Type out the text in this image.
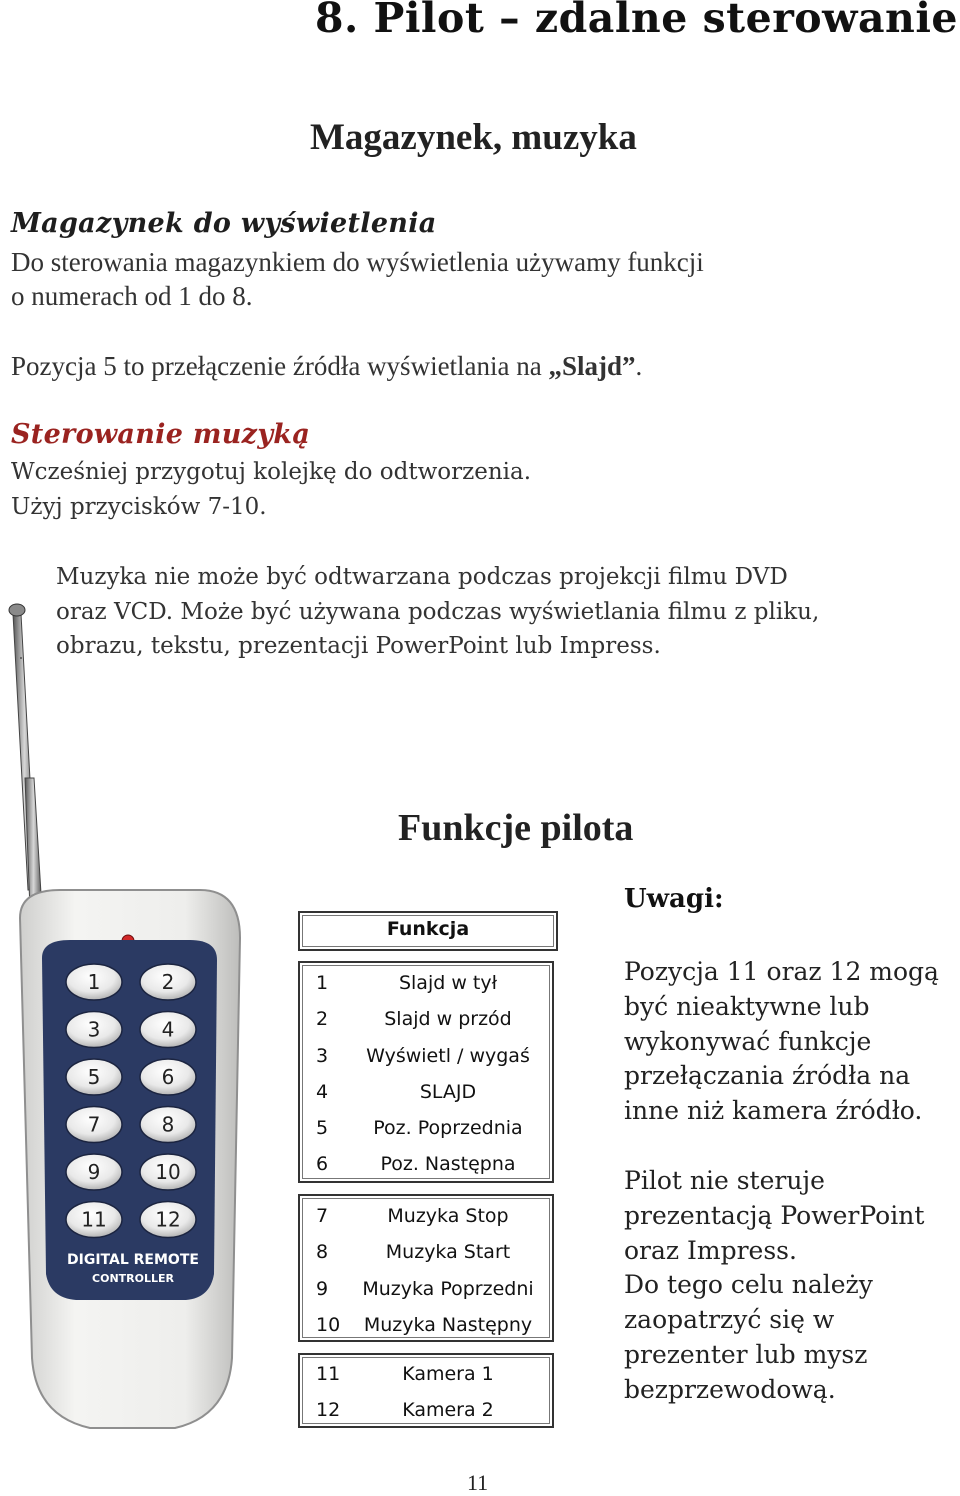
8. Pilot – zdalne sterowanie
Magazynek, muzyka
Magazynek do wyświetlenia
Do sterowania magazynkiem do wyświetlenia używamy funkcji
o numerach od 1 do 8.
Pozycja 5 to przełączenie źródła wyświetlania na „Slajd”.
Sterowanie muzyką
Wcześniej przygotuj kolejkę do odtworzenia.
Użyj przycisków 7-10.
Muzyka nie może być odtwarzana podczas projekcji filmu DVD
oraz VCD. Może być używana podczas wyświetlania filmu z pliku,
obrazu, tekstu, prezentacji PowerPoint lub Impress.
1	2
3	4
5	6
7	8
9	10
11 12
DIGITAL REMOTE
CONTROLLER
Funkcje pilota
Funkcja
1	Slajd w tył
2	Slajd w przód
3	Wyświetl / wygaś
4	SLAJD
5	Poz. Poprzednia
6	Poz. Następna
7	Muzyka Stop
8	Muzyka Start
9	Muzyka Poprzedni
10	Muzyka Następny
11	Kamera 1
12	Kamera 2
Uwagi:
Pozycja 11 oraz 12 mogą
być nieaktywne lub
wykonywać funkcje
przełączania źródła na
inne niż kamera źródło.
Pilot nie steruje
prezentacją PowerPoint
oraz Impress.
Do tego celu należy
zaopatrzyć się w
prezenter lub mysz
bezprzewodową.
11
